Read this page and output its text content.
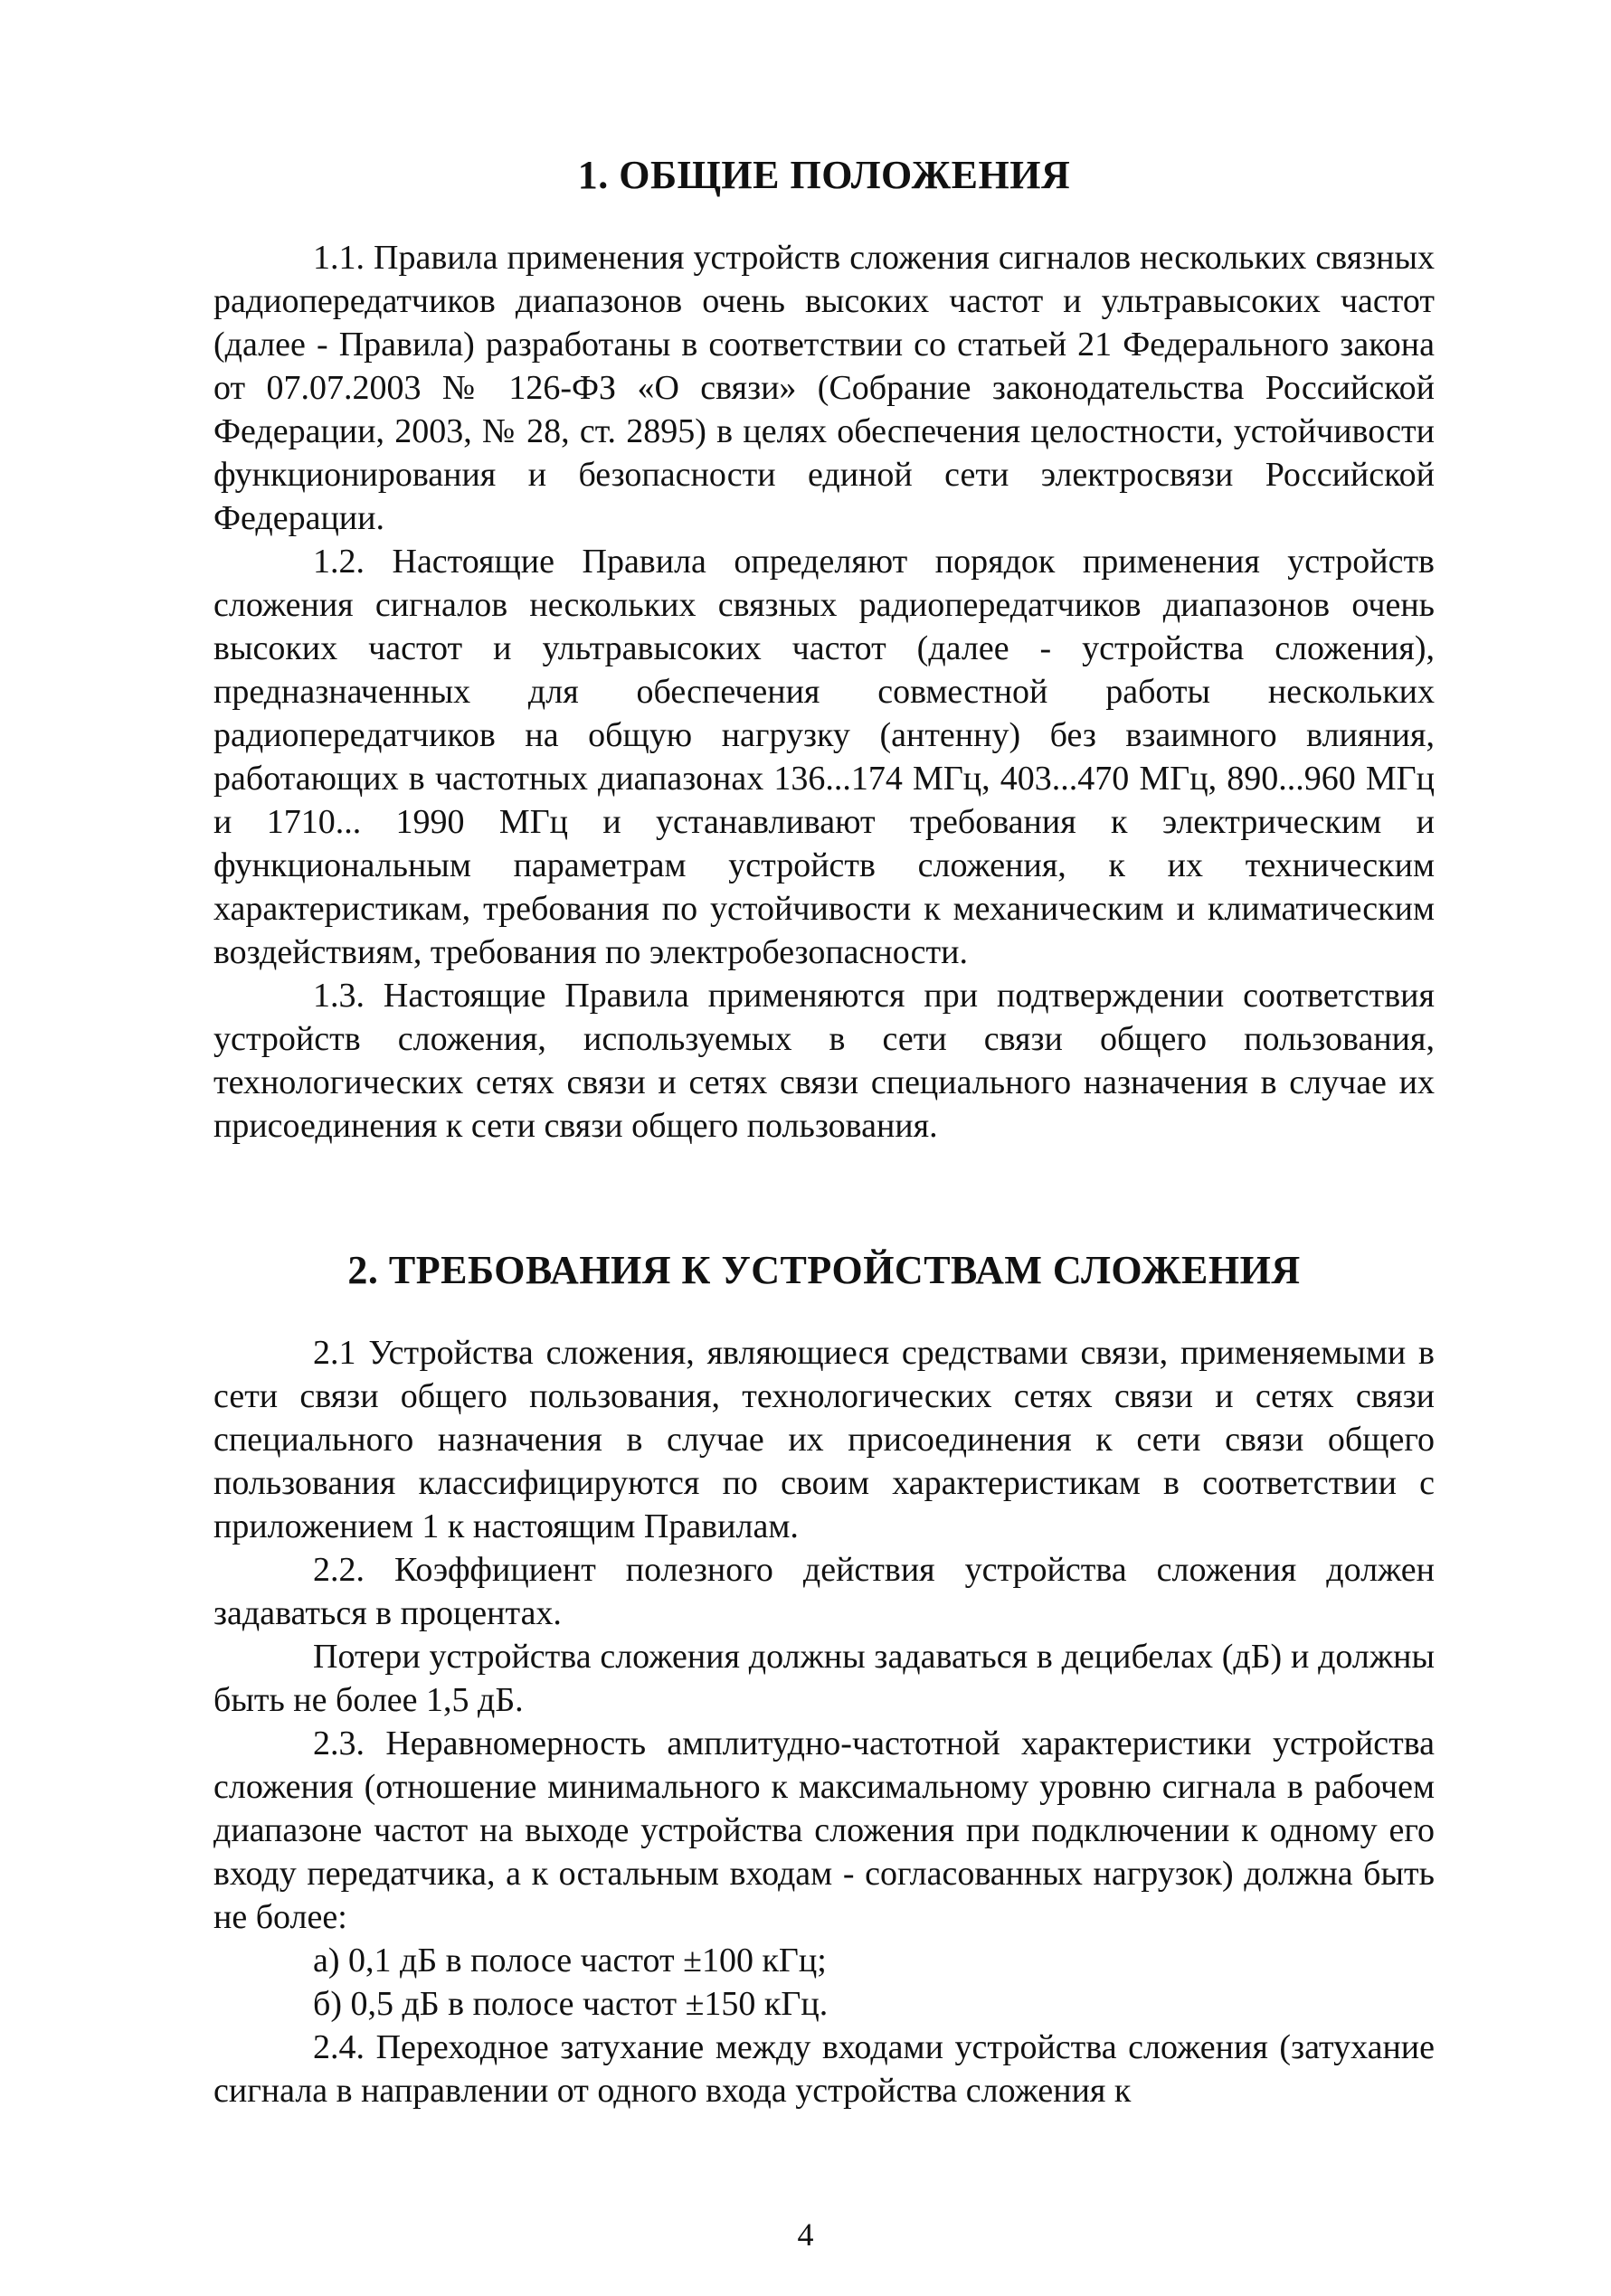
1. ОБЩИЕ ПОЛОЖЕНИЯ

1.1. Правила применения устройств сложения сигналов нескольких связных радиопередатчиков диапазонов очень высоких частот и ультравысоких частот (далее - Правила) разработаны в соответствии со статьей 21 Федерального закона от 07.07.2003 № 126-ФЗ «О связи» (Собрание законодательства Российской Федерации, 2003, № 28, ст. 2895) в целях обеспечения целостности, устойчивости функционирования и безопасности единой сети электросвязи Российской Федерации.

1.2. Настоящие Правила определяют порядок применения устройств сложения сигналов нескольких связных радиопередатчиков диапазонов очень высоких частот и ультравысоких частот (далее - устройства сложения), предназначенных для обеспечения совместной работы нескольких радиопередатчиков на общую нагрузку (антенну) без взаимного влияния, работающих в частотных диапазонах 136...174 МГц, 403...470 МГц, 890...960 МГц и 1710... 1990 МГц и устанавливают требования к электрическим и функциональным параметрам устройств сложения, к их техническим характеристикам, требования по устойчивости к механическим и климатическим воздействиям, требования по электробезопасности.

1.3. Настоящие Правила применяются при подтверждении соответствия устройств сложения, используемых в сети связи общего пользования, технологических сетях связи и сетях связи специального назначения в случае их присоединения к сети связи общего пользования.

2. ТРЕБОВАНИЯ К УСТРОЙСТВАМ СЛОЖЕНИЯ

2.1 Устройства сложения, являющиеся средствами связи, применяемыми в сети связи общего пользования, технологических сетях связи и сетях связи специального назначения в случае их присоединения к сети связи общего пользования классифицируются по своим характеристикам в соответствии с приложением 1 к настоящим Правилам.

2.2. Коэффициент полезного действия устройства сложения должен задаваться в процентах.

Потери устройства сложения должны задаваться в децибелах (дБ) и должны быть не более 1,5 дБ.

2.3. Неравномерность амплитудно-частотной характеристики устройства сложения (отношение минимального к максимальному уровню сигнала в рабочем диапазоне частот на выходе устройства сложения при подключении к одному его входу передатчика, а к остальным входам - согласованных нагрузок) должна быть не более:

а) 0,1 дБ в полосе частот ±100 кГц;

б) 0,5 дБ в полосе частот ±150 кГц.

2.4. Переходное затухание между входами устройства сложения (затухание сигнала в направлении от одного входа устройства сложения к

4
